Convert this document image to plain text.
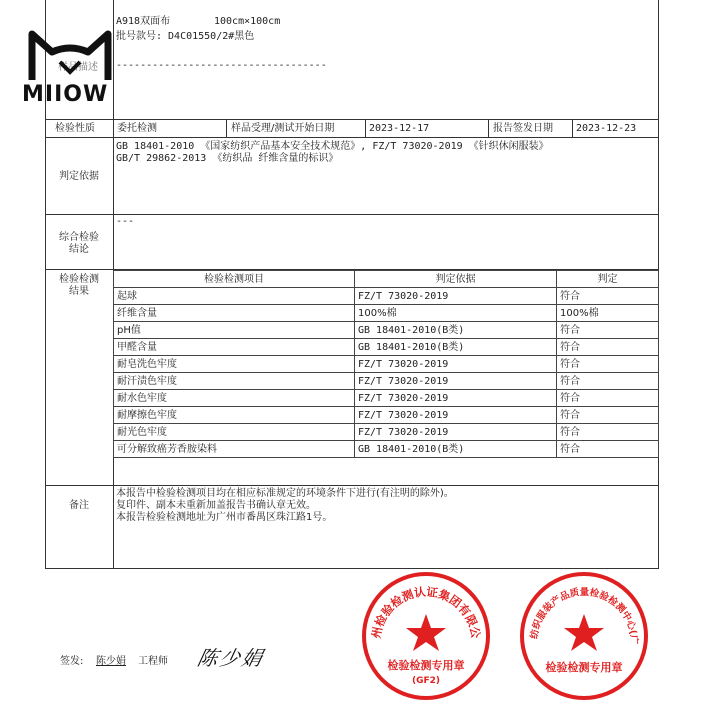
A918双面布	100cm×100cm
批号款号: D4C01550/2#黑色
样品描述 -----------------------------------
MIIOW
检验性质 委托检测	样品受理/测试开始日期	2023-12-17	报告签发日期 2023-12-23
判定依据
GB 18401-2010 《国家纺织产品基本安全技术规范》, FZ/T 73020-2019 《针织休闲服装》
GB/T 29862-2013 《纺织品 纤维含量的标识》
综合检验
结论
---
检验检测
结果
检验检测项目	判定依据	判定
起球	FZ/T 73020-2019	符合
纤维含量	100%棉	100%棉
pH值	GB 18401-2010(B类)	符合
甲醛含量	GB 18401-2010(B类)	符合
耐皂洗色牢度	FZ/T 73020-2019	符合
耐汗渍色牢度	FZ/T 73020-2019	符合
耐水色牢度	FZ/T 73020-2019	符合
耐摩擦色牢度	FZ/T 73020-2019	符合
耐光色牢度	FZ/T 73020-2019	符合
可分解致癌芳香胺染料	GB 18401-2010(B类)	符合
备注
本报告中检验检测项目均在相应标准规定的环境条件下进行(有注明的除外)。
复印件、副本未重新加盖报告书确认章无效。
本报告检验检测地址为广州市番禺区珠江路1号。
签发: 陈少娟 工程师 陈少娟
州检验检测认证集团有限公
检验检测专用章
(GF2)
纺织服装产品质量检验检测中心(广
检验检测专用章
